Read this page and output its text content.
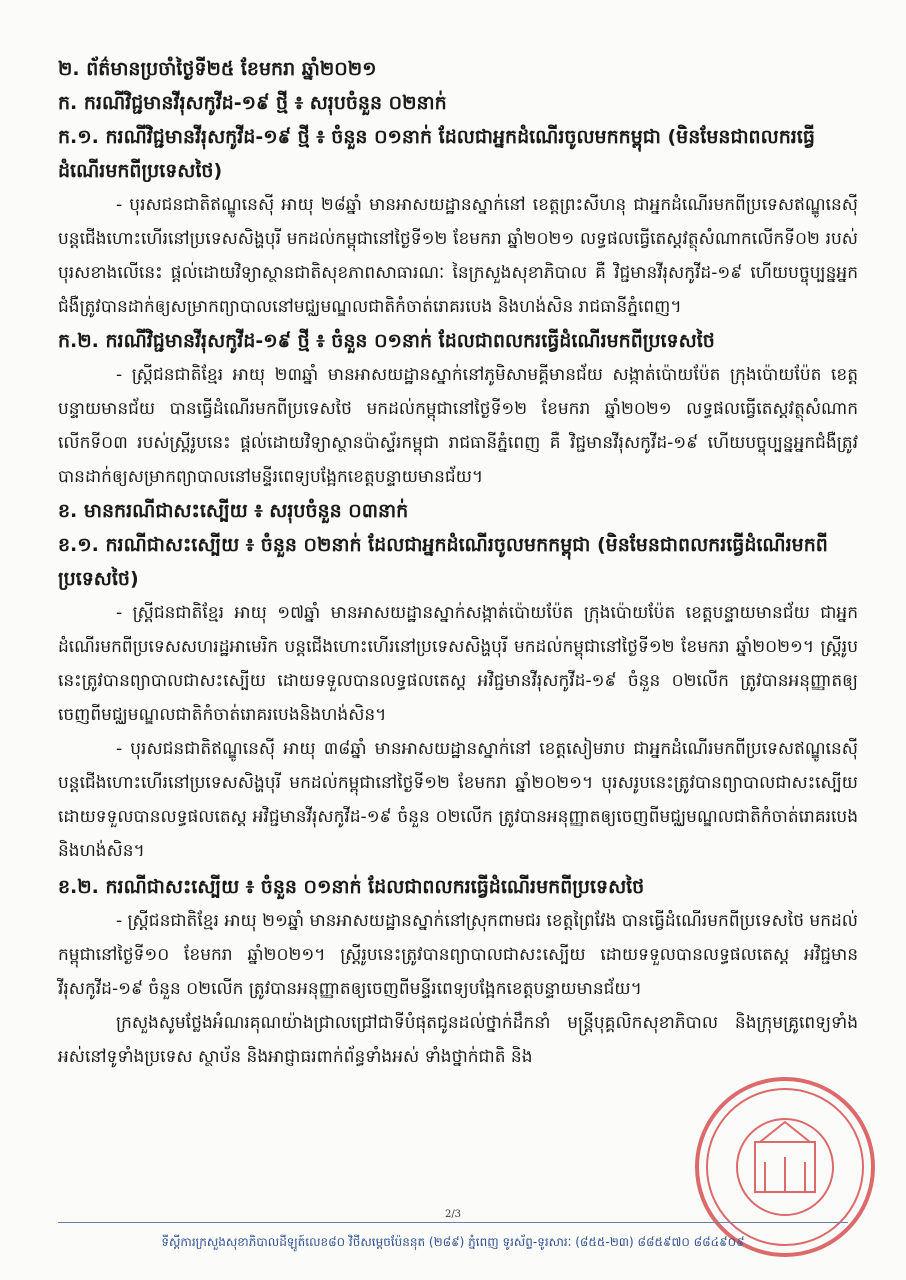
២. ព័ត៌មានប្រចាំថ្ងៃទី២៥ ខែមករា ឆ្នាំ២០២១

ក. ករណីវិជ្ជមានវីរុសកូវីដ-១៩ ថ្មី ៖ សរុបចំនួន ០២នាក់

ក.១. ករណីវិជ្ជមានវីរុសកូវីដ-១៩ ថ្មី ៖ ចំនួន ០១នាក់ ដែលជាអ្នកដំណើរចូលមកកម្ពុជា (មិនមែនជាពលករធ្វើដំណើរមកពីប្រទេសថៃ)

- បុរសជនជាតិឥណ្ឌូនេស៊ី អាយុ ២៨ឆ្នាំ មានអាសយដ្ឋានស្នាក់នៅ ខេត្តព្រះសីហនុ ជាអ្នកដំណើរមកពីប្រទេសឥណ្ឌូនេស៊ី បន្តជើងហោះហើរនៅប្រទេសសិង្ហបុរី មកដល់កម្ពុជានៅថ្ងៃទី១២ ខែមករា ឆ្នាំ២០២១ លទ្ធផលធ្វើតេស្តវត្ថុសំណាកលើកទី០២ របស់បុរសខាងលើនេះ ផ្តល់ដោយវិទ្យាស្ថានជាតិសុខភាពសាធារណៈ នៃក្រសួងសុខាភិបាល គឺ វិជ្ជមានវីរុសកូវីដ-១៩ ហើយបច្ចុប្បន្នអ្នកជំងឺត្រូវបានដាក់ឲ្យសម្រាកព្យាបាលនៅមជ្ឈមណ្ឌលជាតិកំចាត់រោគរបេង និងហង់សិន រាជធានីភ្នំពេញ។

ក.២. ករណីវិជ្ជមានវីរុសកូវីដ-១៩ ថ្មី ៖ ចំនួន ០១នាក់ ដែលជាពលករធ្វើដំណើរមកពីប្រទេសថៃ

- ស្ត្រីជនជាតិខ្មែរ អាយុ ២៣ឆ្នាំ មានអាសយដ្ឋានស្នាក់នៅភូមិសាមគ្គីមានជ័យ សង្កាត់ប៉ោយប៉ែត ក្រុងប៉ោយប៉ែត ខេត្តបន្ទាយមានជ័យ បានធ្វើដំណើរមកពីប្រទេសថៃ មកដល់កម្ពុជានៅថ្ងៃទី១២ ខែមករា ឆ្នាំ២០២១ លទ្ធផលធ្វើតេស្តវត្ថុសំណាកលើកទី០៣ របស់ស្ត្រីរូបនេះ ផ្តល់ដោយវិទ្យាស្ថានប៉ាស្ទ័រកម្ពុជា រាជធានីភ្នំពេញ គឺ វិជ្ជមានវីរុសកូវីដ-១៩ ហើយបច្ចុប្បន្នអ្នកជំងឺត្រូវបានដាក់ឲ្យសម្រាកព្យាបាលនៅមន្ទីរពេទ្យបង្អែកខេត្តបន្ទាយមានជ័យ។

ខ. មានករណីជាសះស្បើយ ៖ សរុបចំនួន ០៣នាក់

ខ.១. ករណីជាសះស្បើយ ៖ ចំនួន ០២នាក់ ដែលជាអ្នកដំណើរចូលមកកម្ពុជា (មិនមែនជាពលករធ្វើដំណើរមកពីប្រទេសថៃ)

- ស្ត្រីជនជាតិខ្មែរ អាយុ ១៧ឆ្នាំ មានអាសយដ្ឋានស្នាក់សង្កាត់ប៉ោយប៉ែត ក្រុងប៉ោយប៉ែត ខេត្តបន្ទាយមានជ័យ ជាអ្នកដំណើរមកពីប្រទេសសហរដ្ឋអាមេរិក បន្តជើងហោះហើរនៅប្រទេសសិង្ហបុរី មកដល់កម្ពុជានៅថ្ងៃទី១២ ខែមករា ឆ្នាំ២០២១។ ស្ត្រីរូបនេះត្រូវបានព្យាបាលជាសះស្បើយ ដោយទទួលបានលទ្ធផលតេស្ត អវិជ្ជមានវីរុសកូវីដ-១៩ ចំនួន ០២លើក ត្រូវបានអនុញ្ញាតឲ្យចេញពីមជ្ឈមណ្ឌលជាតិកំចាត់រោគរបេងនិងហង់សិន។

- បុរសជនជាតិឥណ្ឌូនេស៊ី អាយុ ៣៨ឆ្នាំ មានអាសយដ្ឋានស្នាក់នៅ ខេត្តសៀមរាប ជាអ្នកដំណើរមកពីប្រទេសឥណ្ឌូនេស៊ី បន្តជើងហោះហើរនៅប្រទេសសិង្ហបុរី មកដល់កម្ពុជានៅថ្ងៃទី១២ ខែមករា ឆ្នាំ២០២១។ បុរសរូបនេះត្រូវបានព្យាបាលជាសះស្បើយ ដោយទទួលបានលទ្ធផលតេស្ត អវិជ្ជមានវីរុសកូវីដ-១៩ ចំនួន ០២លើក ត្រូវបានអនុញ្ញាតឲ្យចេញពីមជ្ឈមណ្ឌលជាតិកំចាត់រោគរបេងនិងហង់សិន។

ខ.២. ករណីជាសះស្បើយ ៖ ចំនួន ០១នាក់ ដែលជាពលករធ្វើដំណើរមកពីប្រទេសថៃ

- ស្ត្រីជនជាតិខ្មែរ អាយុ ២១ឆ្នាំ មានអាសយដ្ឋានស្នាក់នៅស្រុកពាមជរ ខេត្តព្រៃវែង បានធ្វើដំណើរមកពីប្រទេសថៃ មកដល់កម្ពុជានៅថ្ងៃទី១០ ខែមករា ឆ្នាំ២០២១។ ស្ត្រីរូបនេះត្រូវបានព្យាបាលជាសះស្បើយ ដោយទទួលបានលទ្ធផលតេស្ត អវិជ្ជមានវីរុសកូវីដ-១៩ ចំនួន ០២លើក ត្រូវបានអនុញ្ញាតឲ្យចេញពីមន្ទីរពេទ្យបង្អែកខេត្តបន្ទាយមានជ័យ។

ក្រសួងសូមថ្លែងអំណរគុណយ៉ាងជ្រាលជ្រៅជាទីបំផុតជូនដល់ថ្នាក់ដឹកនាំ មន្ត្រីបុគ្គលិកសុខាភិបាល និងក្រុមគ្រូពេទ្យទាំងអស់នៅទូទាំងប្រទេស ស្ថាប័ន និងអាជ្ញាធរពាក់ព័ន្ធទាំងអស់ ទាំងថ្នាក់ជាតិ និង

2/3
ទីស្តីការក្រសួងសុខាភិបាលដីឡូត៍លេខ៨០ វិថីសម្តេចប៉ែននុត (២៨៩) ភ្នំពេញ ទូរស័ព្ទ-ទូរសារៈ (៨៥៥-២៣) ៨៨៥៩៧០ ៨៨៤៩០៩
